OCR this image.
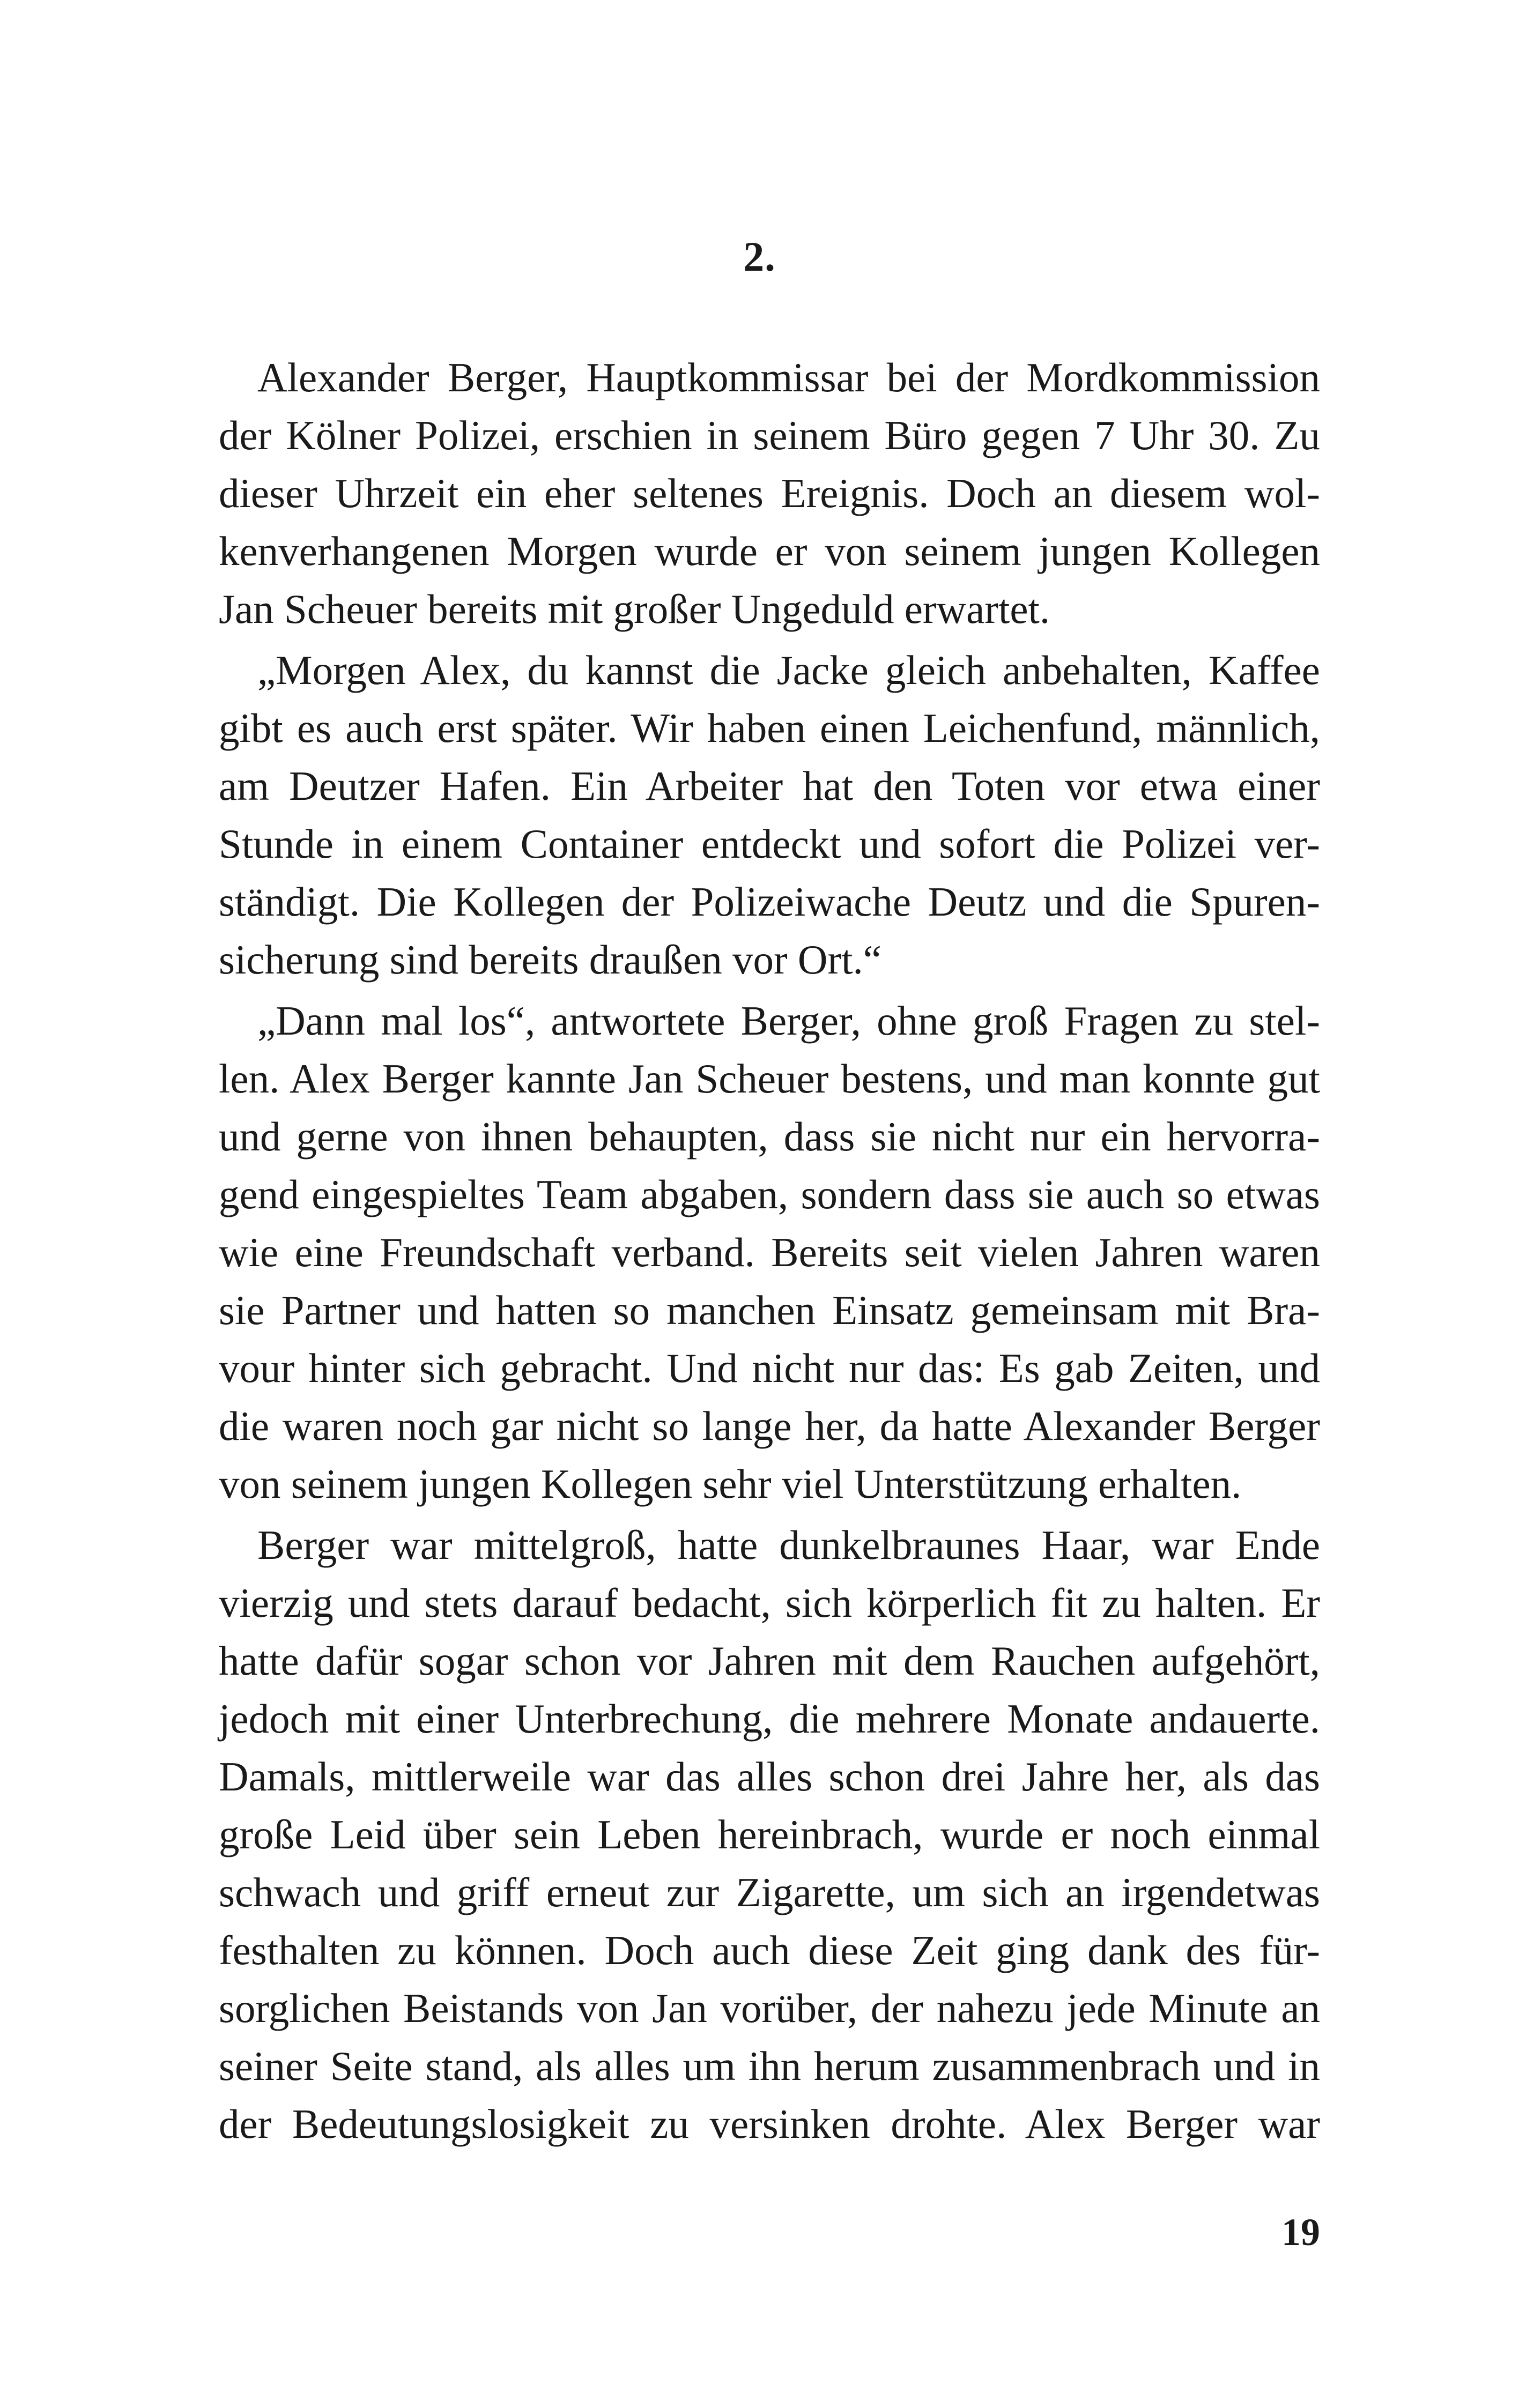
2.

Alexander Berger, Hauptkommissar bei der Mordkommission
der Kölner Polizei, erschien in seinem Büro gegen 7 Uhr 30. Zu
dieser Uhrzeit ein eher seltenes Ereignis. Doch an diesem wol-
kenverhangenen Morgen wurde er von seinem jungen Kollegen
Jan Scheuer bereits mit großer Ungeduld erwartet.

„Morgen Alex, du kannst die Jacke gleich anbehalten, Kaffee
gibt es auch erst später. Wir haben einen Leichenfund, männlich,
am Deutzer Hafen. Ein Arbeiter hat den Toten vor etwa einer
Stunde in einem Container entdeckt und sofort die Polizei ver-
ständigt. Die Kollegen der Polizeiwache Deutz und die Spuren-
sicherung sind bereits draußen vor Ort.“

„Dann mal los“, antwortete Berger, ohne groß Fragen zu stel-
len. Alex Berger kannte Jan Scheuer bestens, und man konnte gut
und gerne von ihnen behaupten, dass sie nicht nur ein hervorra-
gend eingespieltes Team abgaben, sondern dass sie auch so etwas
wie eine Freundschaft verband. Bereits seit vielen Jahren waren
sie Partner und hatten so manchen Einsatz gemeinsam mit Bra-
vour hinter sich gebracht. Und nicht nur das: Es gab Zeiten, und
die waren noch gar nicht so lange her, da hatte Alexander Berger
von seinem jungen Kollegen sehr viel Unterstützung erhalten.

Berger war mittelgroß, hatte dunkelbraunes Haar, war Ende
vierzig und stets darauf bedacht, sich körperlich fit zu halten. Er
hatte dafür sogar schon vor Jahren mit dem Rauchen aufgehört,
jedoch mit einer Unterbrechung, die mehrere Monate andauerte.
Damals, mittlerweile war das alles schon drei Jahre her, als das
große Leid über sein Leben hereinbrach, wurde er noch einmal
schwach und griff erneut zur Zigarette, um sich an irgendetwas
festhalten zu können. Doch auch diese Zeit ging dank des für-
sorglichen Beistands von Jan vorüber, der nahezu jede Minute an
seiner Seite stand, als alles um ihn herum zusammenbrach und in
der Bedeutungslosigkeit zu versinken drohte. Alex Berger war

19
